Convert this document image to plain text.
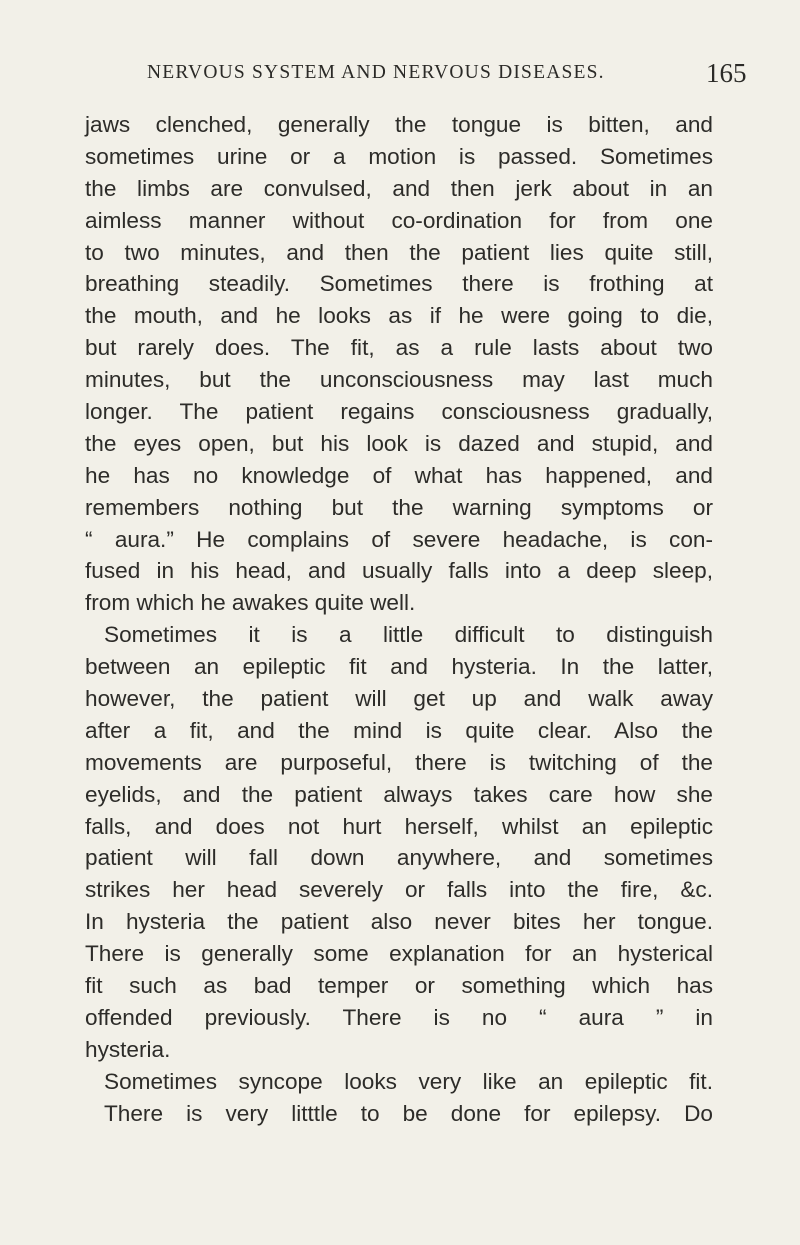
NERVOUS SYSTEM AND NERVOUS DISEASES.	165
jaws clenched, generally the tongue is bitten, and
sometimes urine or a motion is passed. Sometimes
the limbs are convulsed, and then jerk about in an
aimless manner without co-ordination for from one
to two minutes, and then the patient lies quite still,
breathing steadily. Sometimes there is frothing at
the mouth, and he looks as if he were going to die,
but rarely does. The fit, as a rule lasts about two
minutes, but the unconsciousness may last much
longer. The patient regains consciousness gradually,
the eyes open, but his look is dazed and stupid, and
he has no knowledge of what has happened, and
remembers nothing but the warning symptoms or
“ aura.” He complains of severe headache, is con-
fused in his head, and usually falls into a deep sleep,
from which he awakes quite well.
Sometimes it is a little difficult to distinguish
between an epileptic fit and hysteria. In the latter,
however, the patient will get up and walk away
after a fit, and the mind is quite clear. Also the
movements are purposeful, there is twitching of the
eyelids, and the patient always takes care how she
falls, and does not hurt herself, whilst an epileptic
patient will fall down anywhere, and sometimes
strikes her head severely or falls into the fire, &c.
In hysteria the patient also never bites her tongue.
There is generally some explanation for an hysterical
fit such as bad temper or something which has
offended previously. There is no “ aura ” in
hysteria.
Sometimes syncope looks very like an epileptic fit.
There is very litttle to be done for epilepsy. Do
